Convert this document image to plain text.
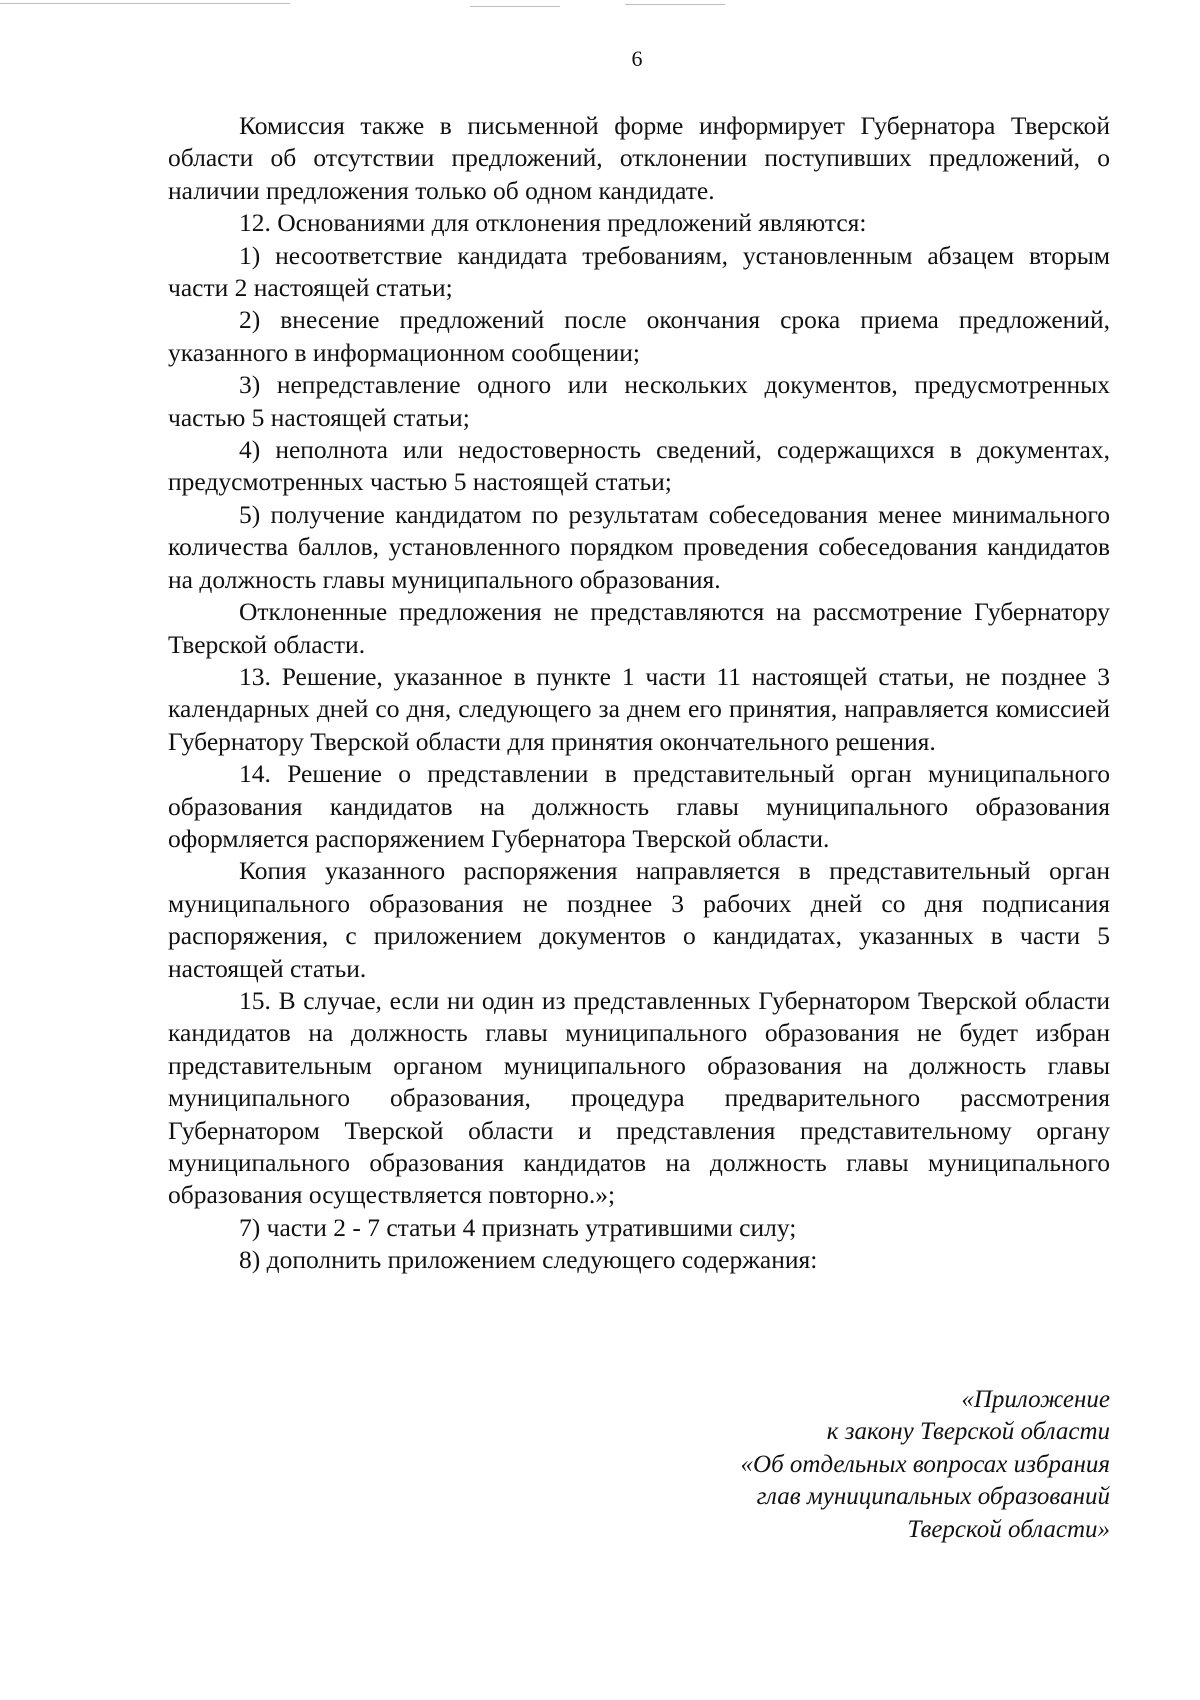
6

Комиссия также в письменной форме информирует Губернатора Тверской области об отсутствии предложений, отклонении поступивших предложений, о наличии предложения только об одном кандидате.

12. Основаниями для отклонения предложений являются:

1) несоответствие кандидата требованиям, установленным абзацем вторым части 2 настоящей статьи;

2) внесение предложений после окончания срока приема предложений, указанного в информационном сообщении;

3) непредставление одного или нескольких документов, предусмотренных частью 5 настоящей статьи;

4) неполнота или недостоверность сведений, содержащихся в документах, предусмотренных частью 5 настоящей статьи;

5) получение кандидатом по результатам собеседования менее минимального количества баллов, установленного порядком проведения собеседования кандидатов на должность главы муниципального образования.

Отклоненные предложения не представляются на рассмотрение Губернатору Тверской области.

13. Решение, указанное в пункте 1 части 11 настоящей статьи, не позднее 3 календарных дней со дня, следующего за днем его принятия, направляется комиссией Губернатору Тверской области для принятия окончательного решения.

14. Решение о представлении в представительный орган муниципального образования кандидатов на должность главы муниципального образования оформляется распоряжением Губернатора Тверской области.

Копия указанного распоряжения направляется в представительный орган муниципального образования не позднее 3 рабочих дней со дня подписания распоряжения, с приложением документов о кандидатах, указанных в части 5 настоящей статьи.

15. В случае, если ни один из представленных Губернатором Тверской области кандидатов на должность главы муниципального образования не будет избран представительным органом муниципального образования на должность главы муниципального образования, процедура предварительного рассмотрения Губернатором Тверской области и представления представительному органу муниципального образования кандидатов на должность главы муниципального образования осуществляется повторно.»;

7) части 2 - 7 статьи 4 признать утратившими силу;

8) дополнить приложением следующего содержания:

«Приложение
к закону Тверской области
«Об отдельных вопросах избрания
глав муниципальных образований
Тверской области»
